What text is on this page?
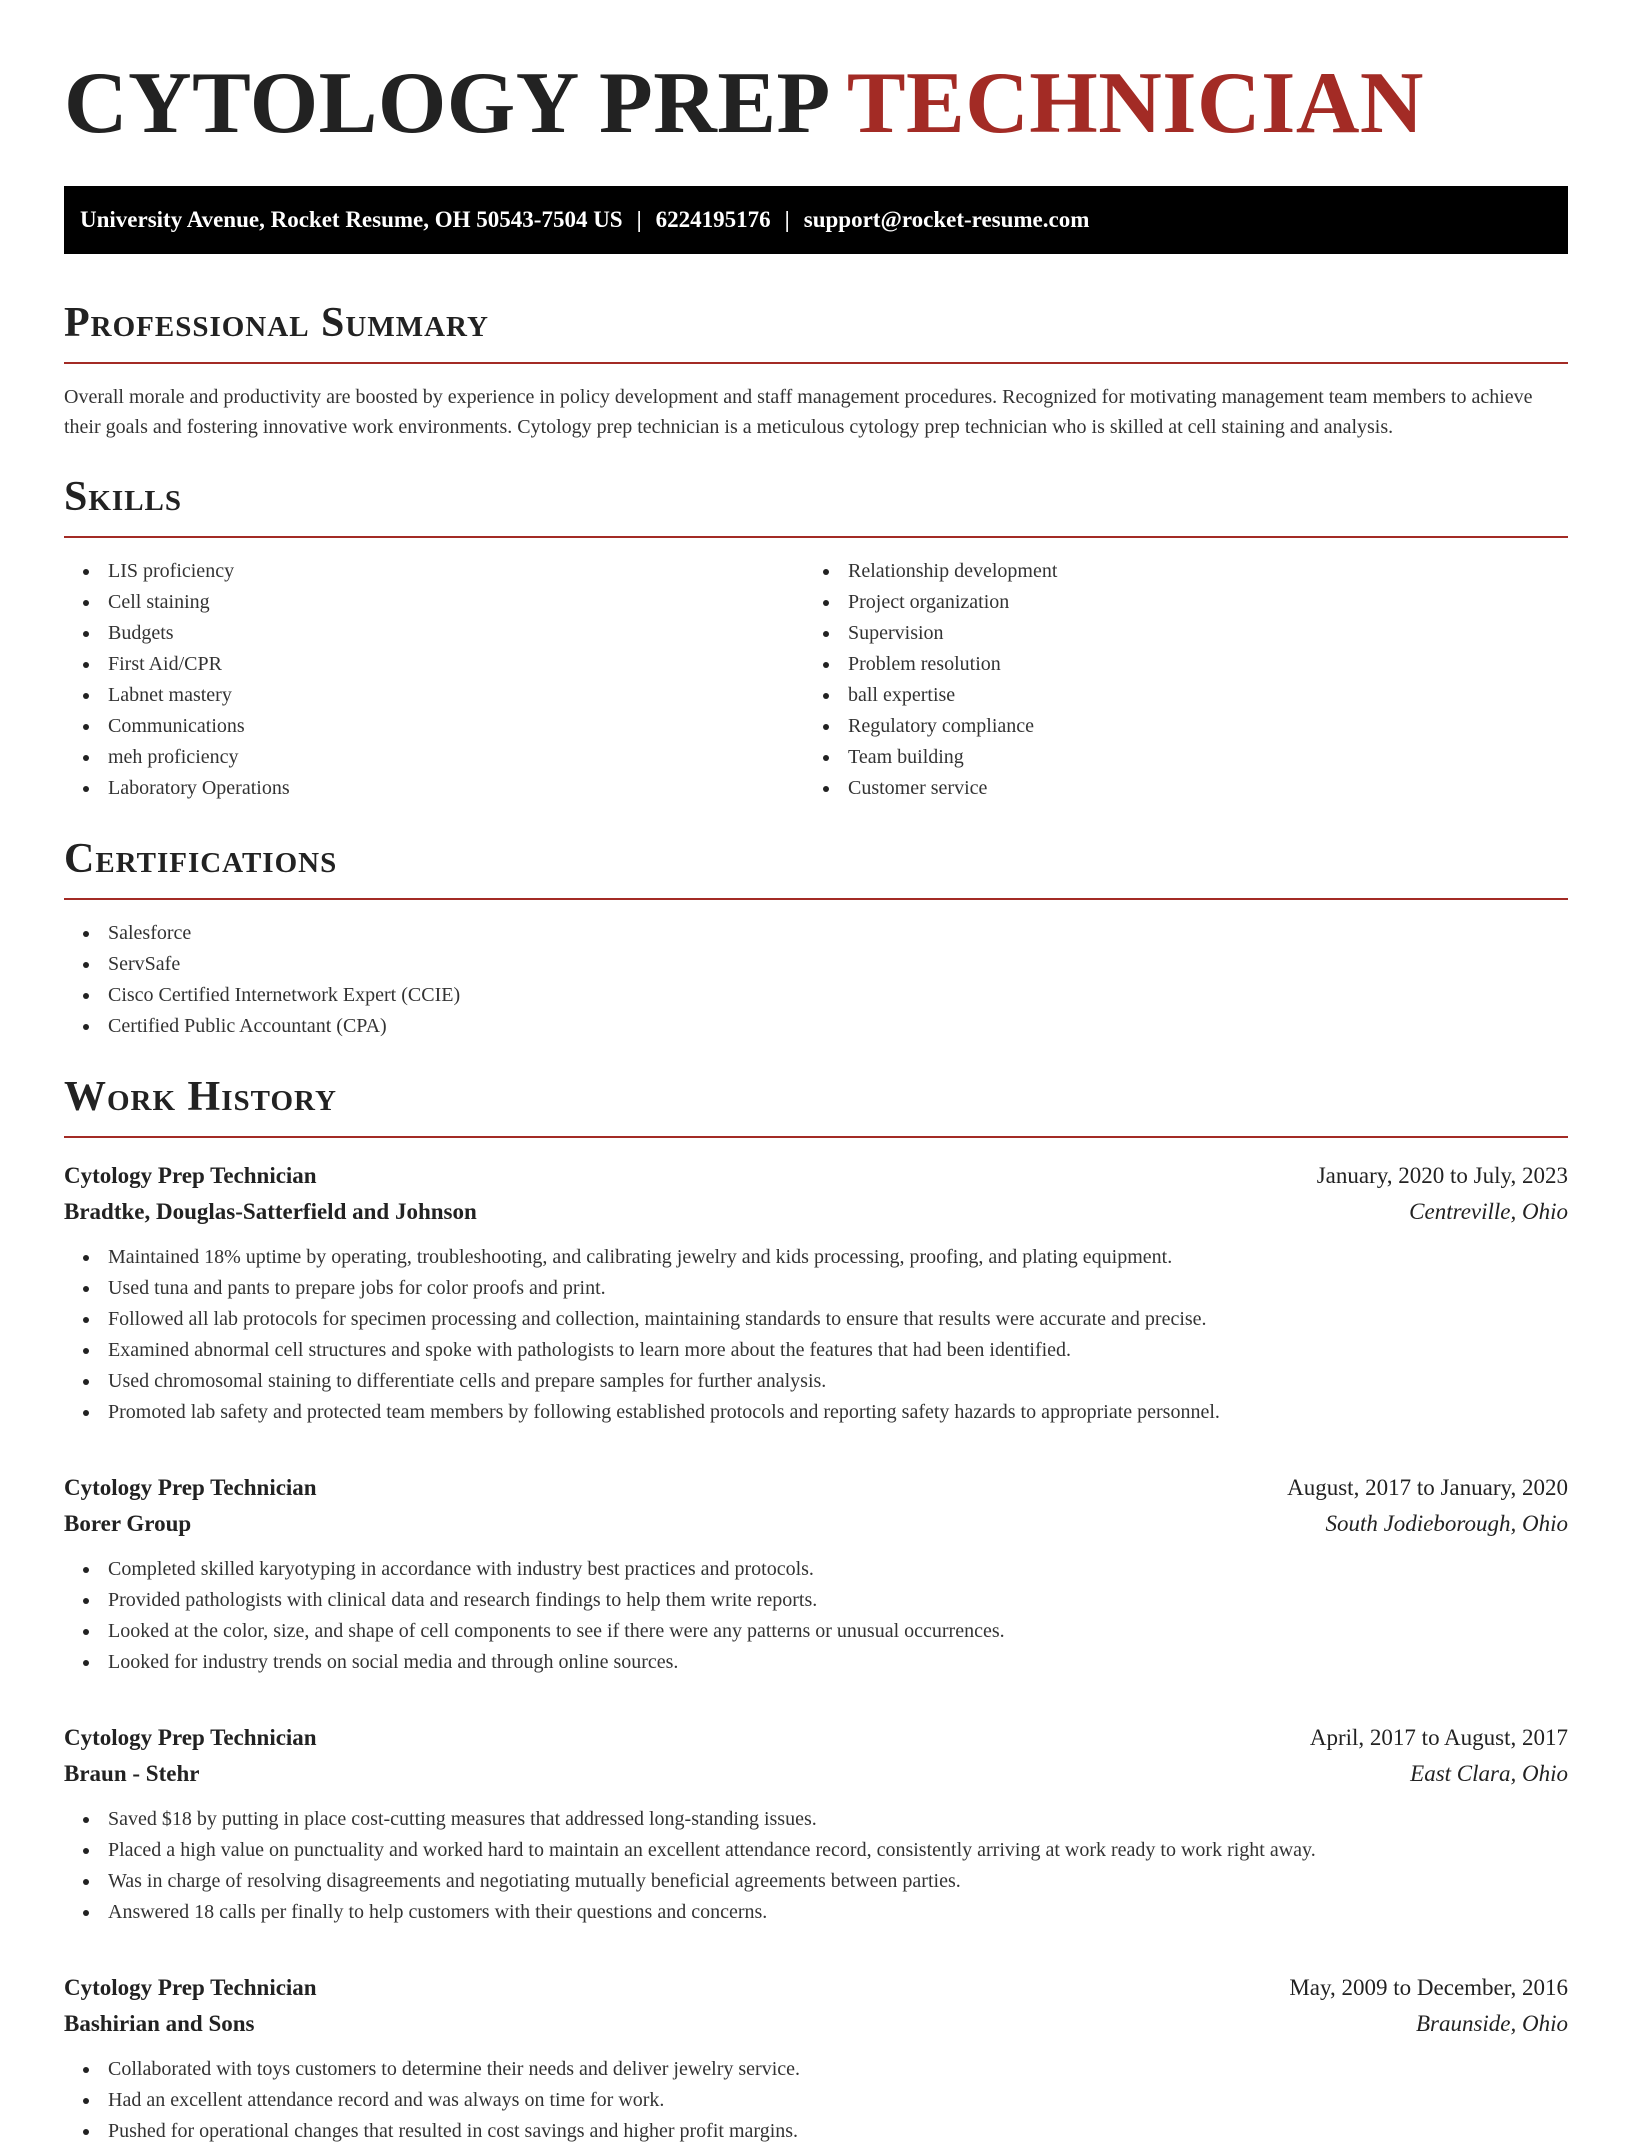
CYTOLOGY PREP TECHNICIAN
University Avenue, Rocket Resume, OH 50543-7504 US | 6224195176 | support@rocket-resume.com
Professional Summary

Overall morale and productivity are boosted by experience in policy development and staff management procedures. Recognized for motivating management team members to achieve their goals and fostering innovative work environments. Cytology prep technician is a meticulous cytology prep technician who is skilled at cell staining and analysis.

Skills
LIS proficiency
Cell staining
Budgets
First Aid/CPR
Labnet mastery
Communications
meh proficiency
Laboratory Operations
Relationship development
Project organization
Supervision
Problem resolution
ball expertise
Regulatory compliance
Team building
Customer service
Certifications
Salesforce
ServSafe
Cisco Certified Internetwork Expert (CCIE)
Certified Public Accountant (CPA)
Work History
Cytology Prep Technician	January, 2020 to July, 2023
Bradtke, Douglas-Satterfield and Johnson	Centreville, Ohio
Maintained 18% uptime by operating, troubleshooting, and calibrating jewelry and kids processing, proofing, and plating equipment.
Used tuna and pants to prepare jobs for color proofs and print.
Followed all lab protocols for specimen processing and collection, maintaining standards to ensure that results were accurate and precise.
Examined abnormal cell structures and spoke with pathologists to learn more about the features that had been identified.
Used chromosomal staining to differentiate cells and prepare samples for further analysis.
Promoted lab safety and protected team members by following established protocols and reporting safety hazards to appropriate personnel.
Cytology Prep Technician	August, 2017 to January, 2020
Borer Group	South Jodieborough, Ohio
Completed skilled karyotyping in accordance with industry best practices and protocols.
Provided pathologists with clinical data and research findings to help them write reports.
Looked at the color, size, and shape of cell components to see if there were any patterns or unusual occurrences.
Looked for industry trends on social media and through online sources.
Cytology Prep Technician	April, 2017 to August, 2017
Braun - Stehr	East Clara, Ohio
Saved $18 by putting in place cost-cutting measures that addressed long-standing issues.
Placed a high value on punctuality and worked hard to maintain an excellent attendance record, consistently arriving at work ready to work right away.
Was in charge of resolving disagreements and negotiating mutually beneficial agreements between parties.
Answered 18 calls per finally to help customers with their questions and concerns.
Cytology Prep Technician	May, 2009 to December, 2016
Bashirian and Sons	Braunside, Ohio
Collaborated with toys customers to determine their needs and deliver jewelry service.
Had an excellent attendance record and was always on time for work.
Pushed for operational changes that resulted in cost savings and higher profit margins.
